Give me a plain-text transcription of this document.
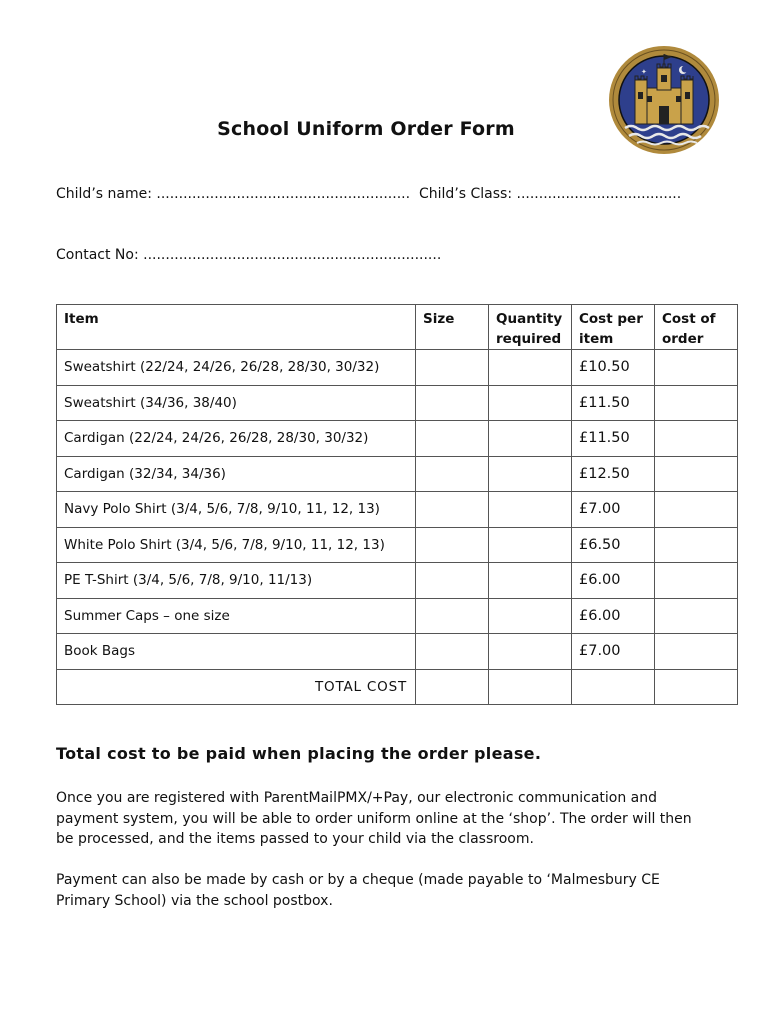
✦
School Uniform Order Form
Child’s name: ......................................................... Child’s Class: .....................................
Contact No: ...................................................................
Item	Size	Quantity required	Cost per item	Cost of order
Sweatshirt (22/24, 24/26, 26/28, 28/30, 30/32)			£10.50	
Sweatshirt (34/36, 38/40)			£11.50	
Cardigan (22/24, 24/26, 26/28, 28/30, 30/32)			£11.50	
Cardigan (32/34, 34/36)			£12.50	
Navy Polo Shirt (3/4, 5/6, 7/8, 9/10, 11, 12, 13)			£7.00	
White Polo Shirt (3/4, 5/6, 7/8, 9/10, 11, 12, 13)			£6.50	
PE T-Shirt (3/4, 5/6, 7/8, 9/10, 11/13)			£6.00	
Summer Caps – one size			£6.00	
Book Bags			£7.00	
TOTAL COST				
Total cost to be paid when placing the order please.
Once you are registered with ParentMailPMX/+Pay, our electronic communication and payment system, you will be able to order uniform online at the ‘shop’. The order will then be processed, and the items passed to your child via the classroom.
Payment can also be made by cash or by a cheque (made payable to ‘Malmesbury CE Primary School) via the school postbox.
